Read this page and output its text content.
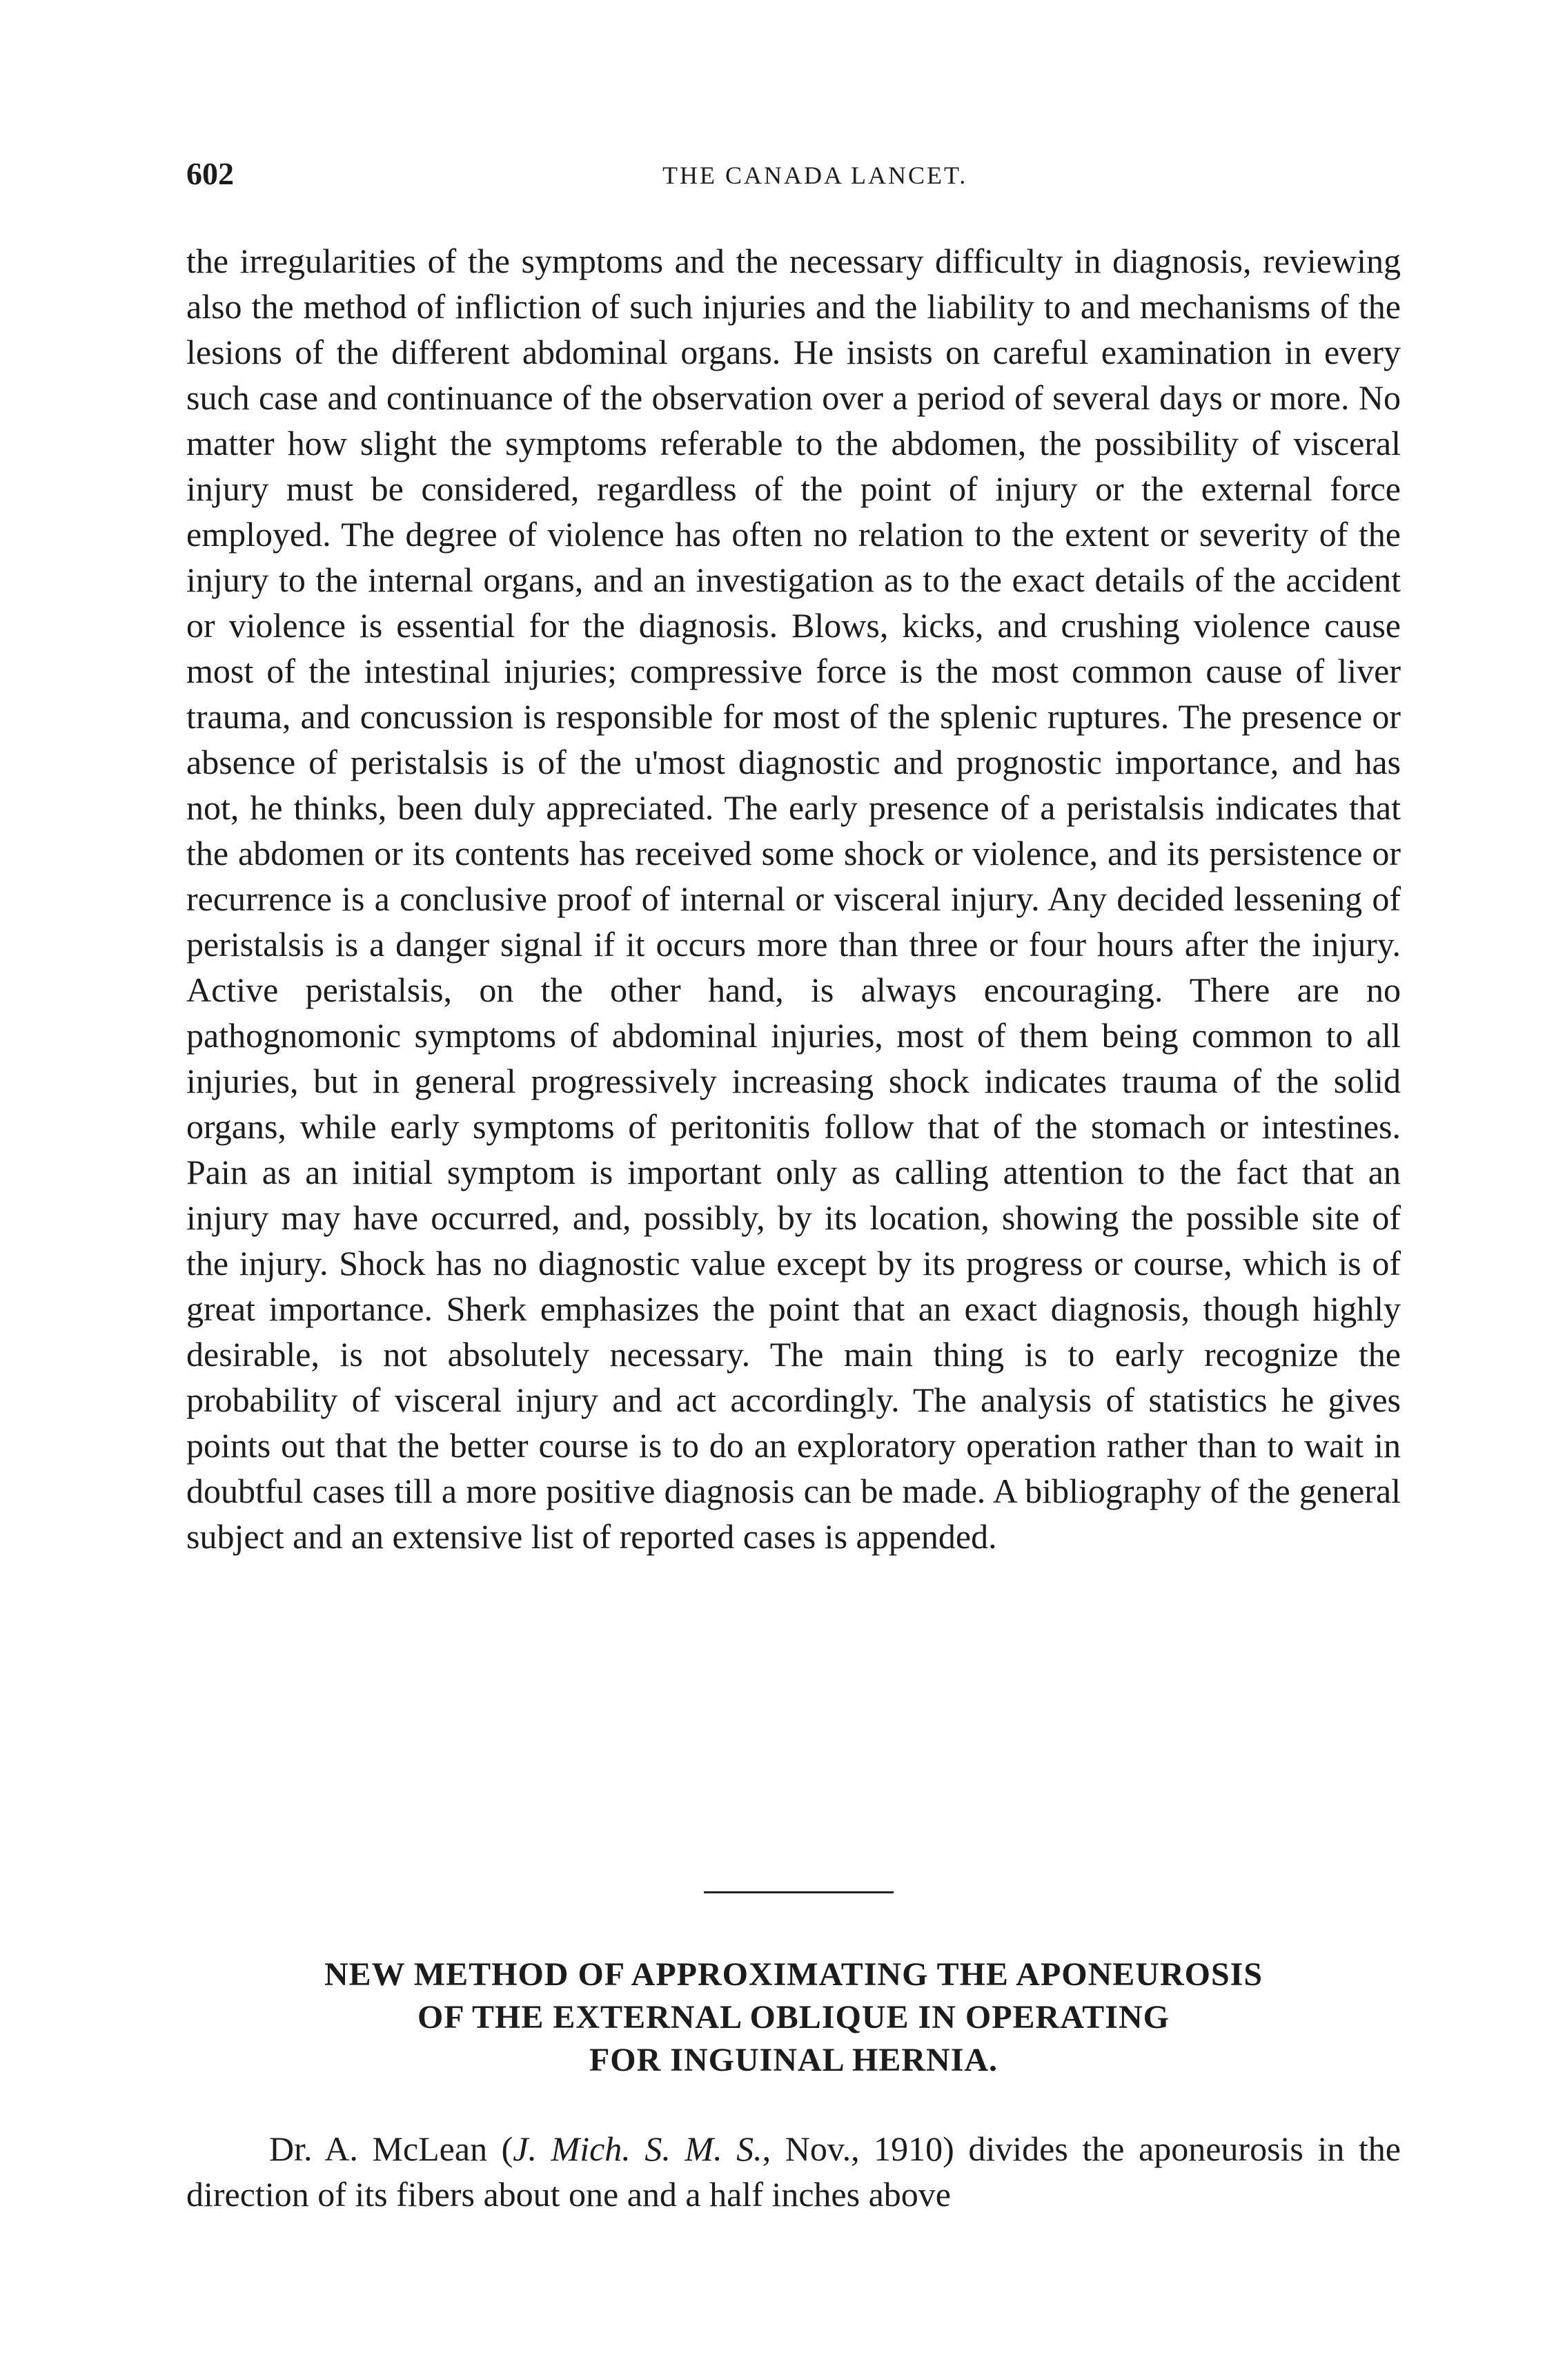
602	THE CANADA LANCET.

the irregularities of the symptoms and the necessary difficulty in diagnosis, reviewing also the method of infliction of such injuries and the liability to and mechanisms of the lesions of the different abdominal organs. He insists on careful examination in every such case and continuance of the observation over a period of several days or more. No matter how slight the symptoms referable to the abdomen, the possibility of visceral injury must be considered, regardless of the point of injury or the external force employed. The degree of violence has often no relation to the extent or severity of the injury to the internal organs, and an investigation as to the exact details of the accident or violence is essential for the diagnosis. Blows, kicks, and crushing violence cause most of the intestinal injuries; compressive force is the most common cause of liver trauma, and concussion is responsible for most of the splenic ruptures. The presence or absence of peristalsis is of the u'most diagnostic and prognostic importance, and has not, he thinks, been duly appreciated. The early presence of a peristalsis indicates that the abdomen or its contents has received some shock or violence, and its persistence or recurrence is a conclusive proof of internal or visceral injury. Any decided lessening of peristalsis is a danger signal if it occurs more than three or four hours after the injury. Active peristalsis, on the other hand, is always encouraging. There are no pathognomonic symptoms of abdominal injuries, most of them being common to all injuries, but in general progressively increasing shock indicates trauma of the solid organs, while early symptoms of peritonitis follow that of the stomach or intestines. Pain as an initial symptom is important only as calling attention to the fact that an injury may have occurred, and, possibly, by its location, showing the possible site of the injury. Shock has no diagnostic value except by its progress or course, which is of great importance. Sherk emphasizes the point that an exact diagnosis, though highly desirable, is not absolutely necessary. The main thing is to early recognize the probability of visceral injury and act accordingly. The analysis of statistics he gives points out that the better course is to do an exploratory operation rather than to wait in doubtful cases till a more positive diagnosis can be made. A bibliography of the general subject and an extensive list of reported cases is appended.

NEW METHOD OF APPROXIMATING THE APONEUROSIS
OF THE EXTERNAL OBLIQUE IN OPERATING
FOR INGUINAL HERNIA.

Dr. A. McLean (J. Mich. S. M. S., Nov., 1910) divides the aponeurosis in the direction of its fibers about one and a half inches above
